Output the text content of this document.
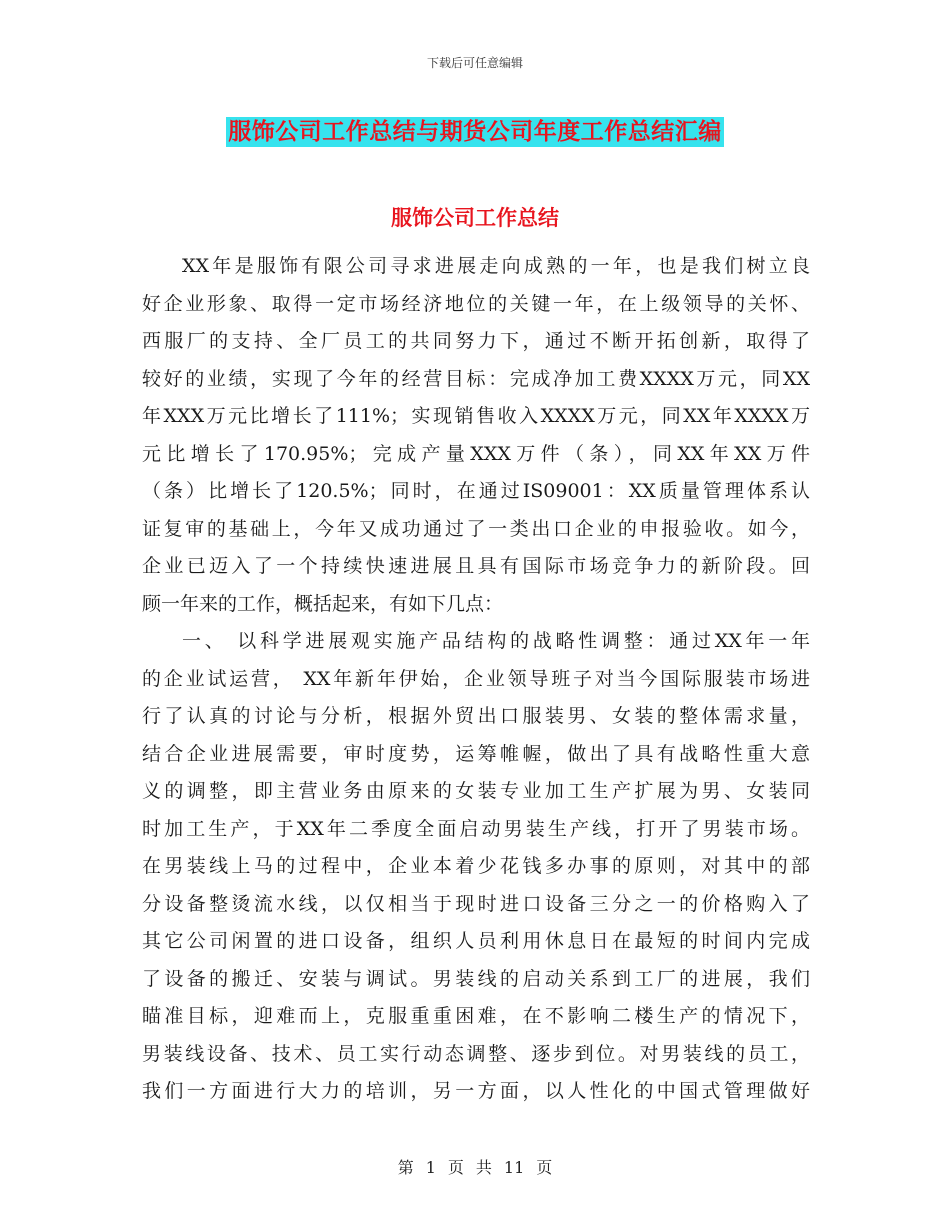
下载后可任意编辑
服饰公司工作总结与期货公司年度工作总结汇编
服饰公司工作总结
XX年是服饰有限公司寻求进展走向成熟的一年，也是我们树立良
好企业形象、取得一定市场经济地位的关键一年，在上级领导的关怀、
西服厂的支持、全厂员工的共同努力下，通过不断开拓创新，取得了
较好的业绩，实现了今年的经营目标：完成净加工费XXXX万元，同XX
年XXX万元比增长了111%；实现销售收入XXXX万元，同XX年XXXX万
元比增长了170.95%；完成产量XXX万件（条），同XX年XX万件
（条）比增长了120.5%；同时，在通过IS09001：XX质量管理体系认
证复审的基础上，今年又成功通过了一类出口企业的申报验收。如今，
企业已迈入了一个持续快速进展且具有国际市场竞争力的新阶段。回
顾一年来的工作，概括起来，有如下几点：
一、 以科学进展观实施产品结构的战略性调整：通过XX年一年
的企业试运营， XX年新年伊始，企业领导班子对当今国际服装市场进
行了认真的讨论与分析，根据外贸出口服装男、女装的整体需求量，
结合企业进展需要，审时度势，运筹帷幄，做出了具有战略性重大意
义的调整，即主营业务由原来的女装专业加工生产扩展为男、女装同
时加工生产，于XX年二季度全面启动男装生产线，打开了男装市场。
在男装线上马的过程中，企业本着少花钱多办事的原则，对其中的部
分设备整烫流水线，以仅相当于现时进口设备三分之一的价格购入了
其它公司闲置的进口设备，组织人员利用休息日在最短的时间内完成
了设备的搬迁、安装与调试。男装线的启动关系到工厂的进展，我们
瞄准目标，迎难而上，克服重重困难，在不影响二楼生产的情况下，
男装线设备、技术、员工实行动态调整、逐步到位。对男装线的员工，
我们一方面进行大力的培训，另一方面，以人性化的中国式管理做好
第 1 页 共 11 页
